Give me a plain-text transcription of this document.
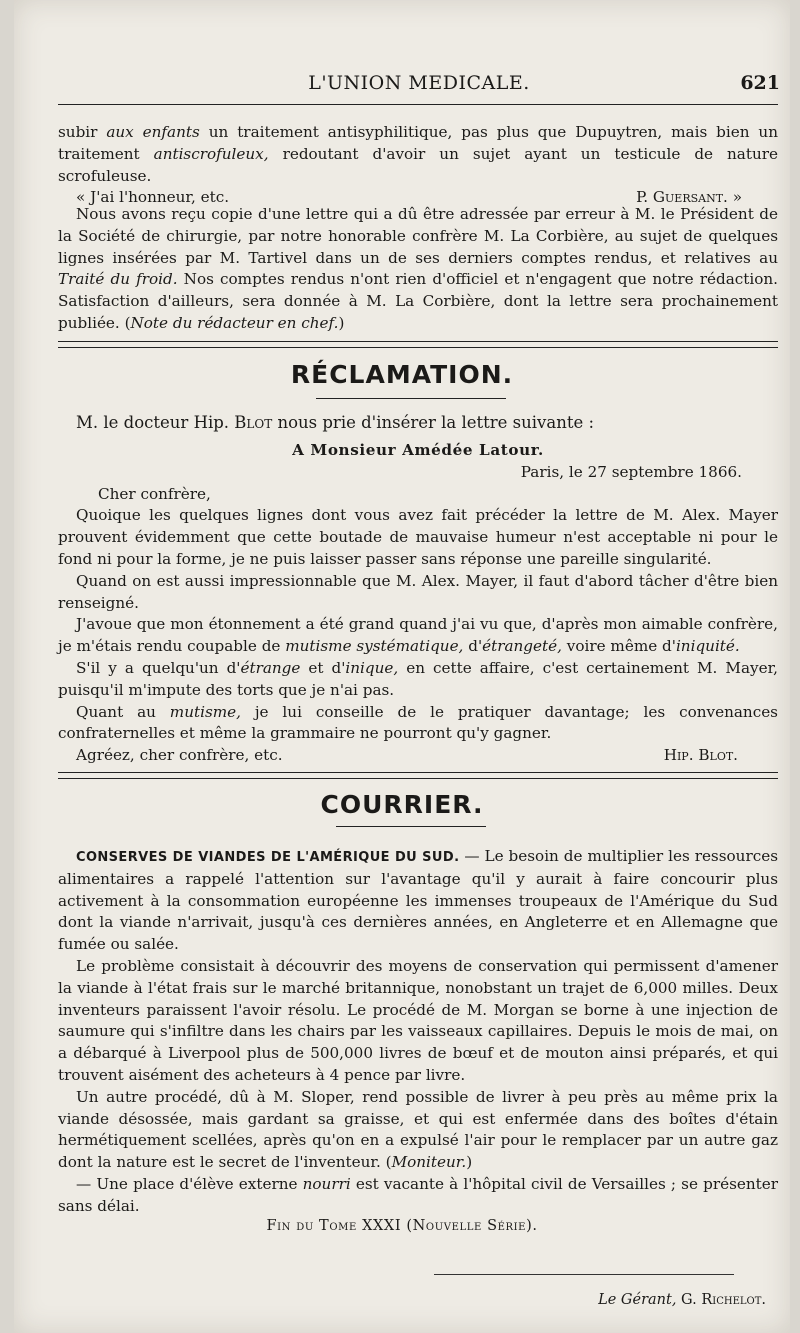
L'UNION MEDICALE.	621

subir aux enfants un traitement antisyphilitique, pas plus que Dupuytren, mais bien un traitement antiscrofuleux, redoutant d'avoir un sujet ayant un testicule de nature scrofuleuse.

« J'ai l'honneur, etc.	P. Guersant. »

Nous avons reçu copie d'une lettre qui a dû être adressée par erreur à M. le Président de la Société de chirurgie, par notre honorable confrère M. La Corbière, au sujet de quelques lignes insérées par M. Tartivel dans un de ses derniers comptes rendus, et relatives au Traité du froid. Nos comptes rendus n'ont rien d'officiel et n'engagent que notre rédaction. Satisfaction d'ailleurs, sera donnée à M. La Corbière, dont la lettre sera prochainement publiée. (Note du rédacteur en chef.)

RÉCLAMATION.

M. le docteur Hip. Blot nous prie d'insérer la lettre suivante :

A Monsieur Amédée Latour.
Paris, le 27 septembre 1866.
Cher confrère,

Quoique les quelques lignes dont vous avez fait précéder la lettre de M. Alex. Mayer prouvent évidemment que cette boutade de mauvaise humeur n'est acceptable ni pour le fond ni pour la forme, je ne puis laisser passer sans réponse une pareille singularité.

Quand on est aussi impressionnable que M. Alex. Mayer, il faut d'abord tâcher d'être bien renseigné.

J'avoue que mon étonnement a été grand quand j'ai vu que, d'après mon aimable confrère, je m'étais rendu coupable de mutisme systématique, d'étrangeté, voire même d'iniquité.

S'il y a quelqu'un d'étrange et d'inique, en cette affaire, c'est certainement M. Mayer, puisqu'il m'impute des torts que je n'ai pas.

Quant au mutisme, je lui conseille de le pratiquer davantage; les convenances confraternelles et même la grammaire ne pourront qu'y gagner.

Agréez, cher confrère, etc.	Hip. Blot.
COURRIER.

CONSERVES DE VIANDES DE L'AMÉRIQUE DU SUD. — Le besoin de multiplier les ressources alimentaires a rappelé l'attention sur l'avantage qu'il y aurait à faire concourir plus activement à la consommation européenne les immenses troupeaux de l'Amérique du Sud dont la viande n'arrivait, jusqu'à ces dernières années, en Angleterre et en Allemagne que fumée ou salée.

Le problème consistait à découvrir des moyens de conservation qui permissent d'amener la viande à l'état frais sur le marché britannique, nonobstant un trajet de 6,000 milles. Deux inventeurs paraissent l'avoir résolu. Le procédé de M. Morgan se borne à une injection de saumure qui s'infiltre dans les chairs par les vaisseaux capillaires. Depuis le mois de mai, on a débarqué à Liverpool plus de 500,000 livres de bœuf et de mouton ainsi préparés, et qui trouvent aisément des acheteurs à 4 pence par livre.

Un autre procédé, dû à M. Sloper, rend possible de livrer à peu près au même prix la viande désossée, mais gardant sa graisse, et qui est enfermée dans des boîtes d'étain hermétiquement scellées, après qu'on en a expulsé l'air pour le remplacer par un autre gaz dont la nature est le secret de l'inventeur. (Moniteur.)

— Une place d'élève externe nourri est vacante à l'hôpital civil de Versailles ; se présenter sans délai.

Fin du Tome XXXI (Nouvelle Série).
Le Gérant, G. Richelot.
